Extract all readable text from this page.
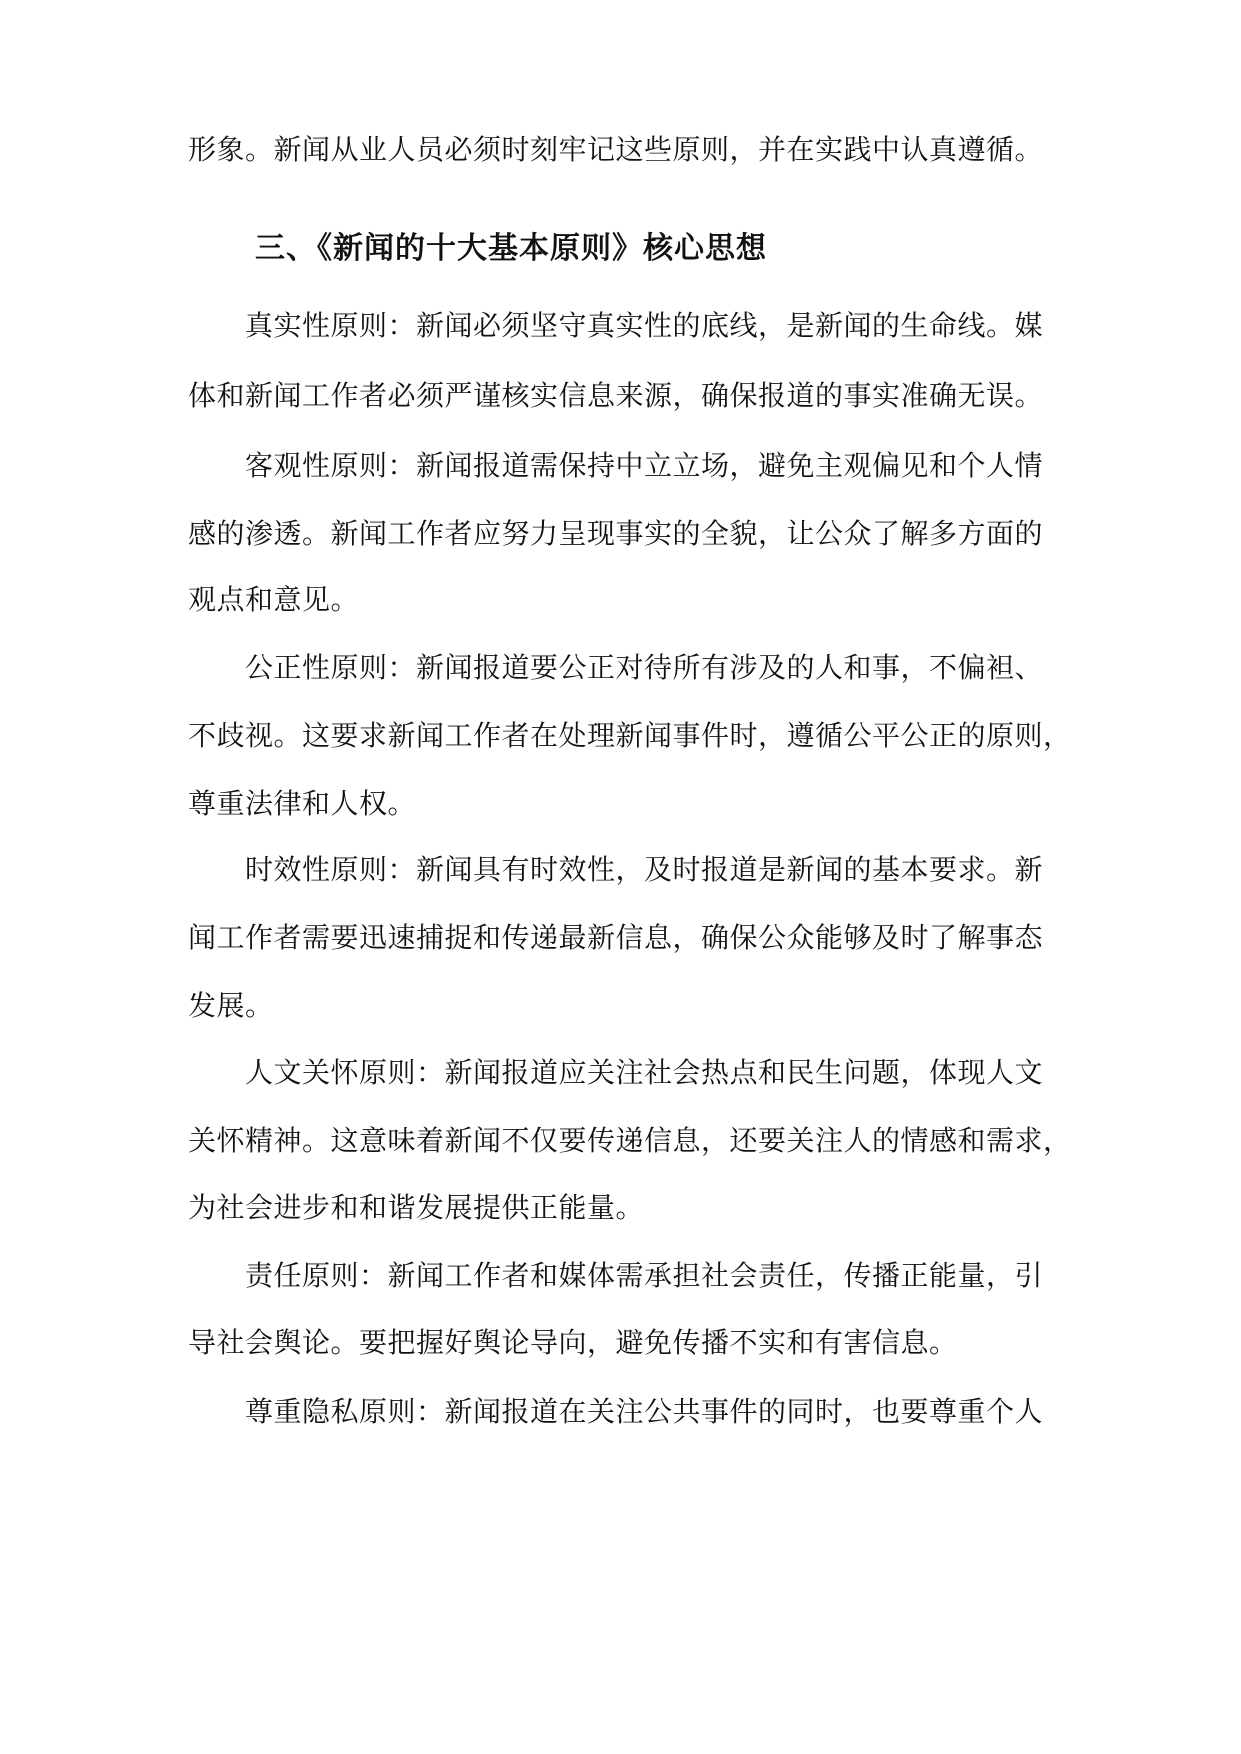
形象。新闻从业人员必须时刻牢记这些原则，并在实践中认真遵循。
三、《新闻的十大基本原则》核心思想
真实性原则：新闻必须坚守真实性的底线，是新闻的生命线。媒
体和新闻工作者必须严谨核实信息来源，确保报道的事实准确无误。
客观性原则：新闻报道需保持中立立场，避免主观偏见和个人情
感的渗透。新闻工作者应努力呈现事实的全貌，让公众了解多方面的
观点和意见。
公正性原则：新闻报道要公正对待所有涉及的人和事，不偏袒、
不歧视。这要求新闻工作者在处理新闻事件时，遵循公平公正的原则，
尊重法律和人权。
时效性原则：新闻具有时效性，及时报道是新闻的基本要求。新
闻工作者需要迅速捕捉和传递最新信息，确保公众能够及时了解事态
发展。
人文关怀原则：新闻报道应关注社会热点和民生问题，体现人文
关怀精神。这意味着新闻不仅要传递信息，还要关注人的情感和需求，
为社会进步和和谐发展提供正能量。
责任原则：新闻工作者和媒体需承担社会责任，传播正能量，引
导社会舆论。要把握好舆论导向，避免传播不实和有害信息。
尊重隐私原则：新闻报道在关注公共事件的同时，也要尊重个人
